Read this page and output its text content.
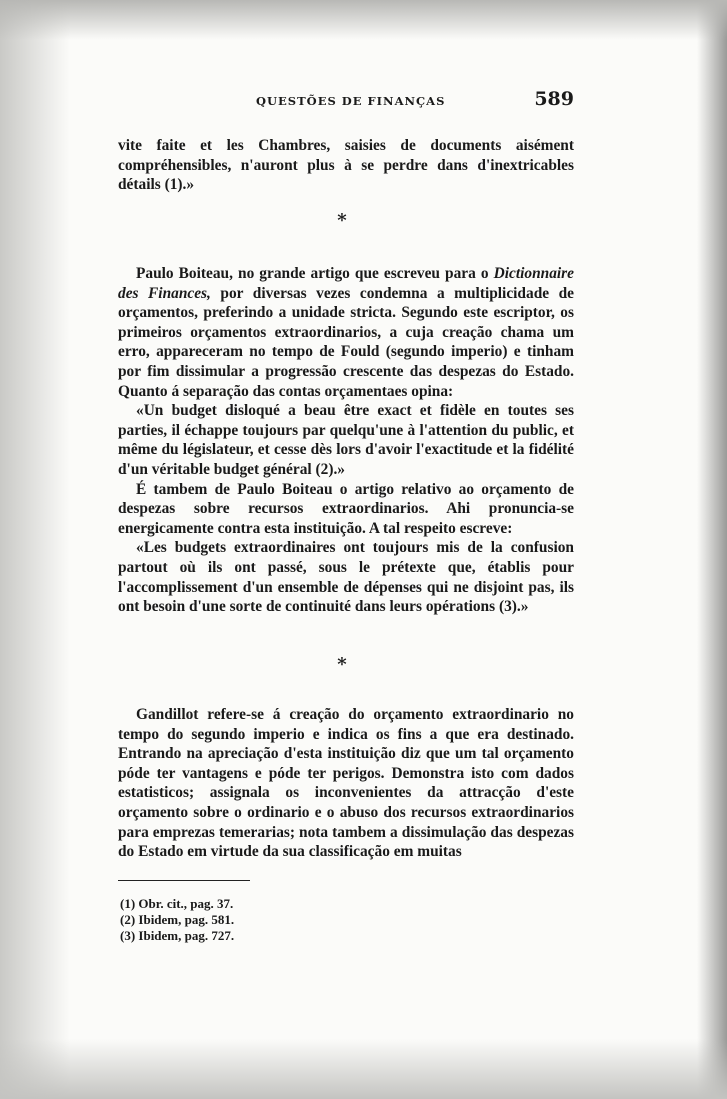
QUESTÕES DE FINANÇAS	589

vite faite et les Chambres, saisies de documents aisément compréhensibles, n'auront plus à se perdre dans d'inextricables détails (1).»

*

Paulo Boiteau, no grande artigo que escreveu para o Dictionnaire des Finances, por diversas vezes condemna a multiplicidade de orçamentos, preferindo a unidade stricta. Segundo este escriptor, os primeiros orçamentos extraordinarios, a cuja creação chama um erro, appareceram no tempo de Fould (segundo imperio) e tinham por fim dissimular a progressão crescente das despezas do Estado. Quanto á separação das contas orçamentaes opina:

«Un budget disloqué a beau être exact et fidèle en toutes ses parties, il échappe toujours par quelqu'une à l'attention du public, et même du législateur, et cesse dès lors d'avoir l'exactitude et la fidélité d'un véritable budget général (2).»

É tambem de Paulo Boiteau o artigo relativo ao orçamento de despezas sobre recursos extraordinarios. Ahi pronuncia-se energicamente contra esta instituição. A tal respeito escreve:

«Les budgets extraordinaires ont toujours mis de la confusion partout où ils ont passé, sous le prétexte que, établis pour l'accomplissement d'un ensemble de dépenses qui ne disjoint pas, ils ont besoin d'une sorte de continuité dans leurs opérations (3).»

*

Gandillot refere-se á creação do orçamento extraordinario no tempo do segundo imperio e indica os fins a que era destinado. Entrando na apreciação d'esta instituição diz que um tal orçamento póde ter vantagens e póde ter perigos. Demonstra isto com dados estatisticos; assignala os inconvenientes da attracção d'este orçamento sobre o ordinario e o abuso dos recursos extraordinarios para emprezas temerarias; nota tambem a dissimulação das despezas do Estado em virtude da sua classificação em muitas

(1) Obr. cit., pag. 37.
(2) Ibidem, pag. 581.
(3) Ibidem, pag. 727.
